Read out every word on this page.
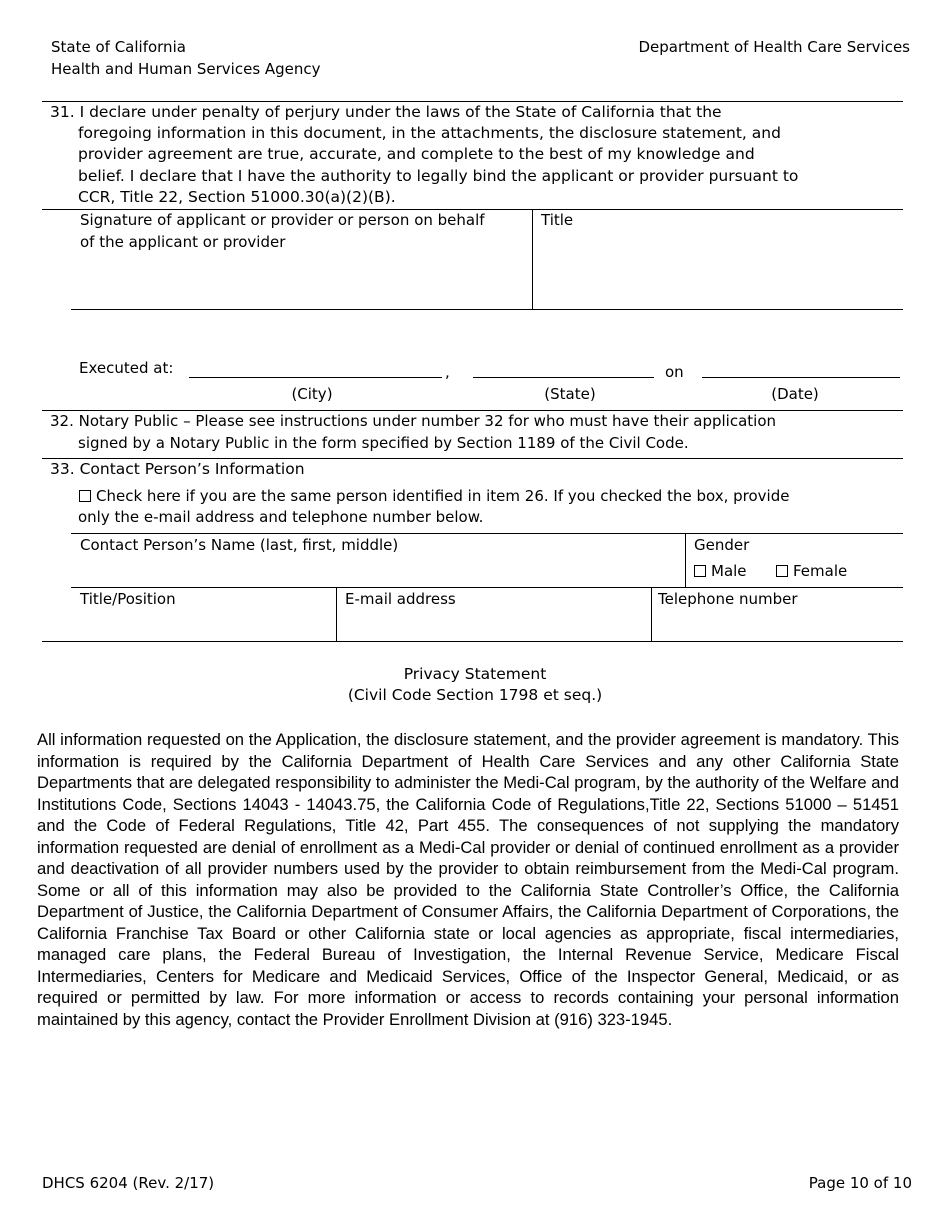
State of California
Health and Human Services Agency
Department of Health Care Services
31. I declare under penalty of perjury under the laws of the State of California that the
foregoing information in this document, in the attachments, the disclosure statement, and
provider agreement are true, accurate, and complete to the best of my knowledge and
belief. I declare that I have the authority to legally bind the applicant or provider pursuant to
CCR, Title 22, Section 51000.30(a)(2)(B).
Signature of applicant or provider or person on behalf
of the applicant or provider
Title
Executed at:	,	on
(City)	(State)	(Date)
32. Notary Public – Please see instructions under number 32 for who must have their application
signed by a Notary Public in the form specified by Section 1189 of the Civil Code.
33. Contact Person’s Information
Check here if you are the same person identified in item 26. If you checked the box, provide
only the e-mail address and telephone number below.
Contact Person’s Name (last, first, middle)	Gender
Male	Female
Title/Position	E-mail address	Telephone number
Privacy Statement
(Civil Code Section 1798 et seq.)
All information requested on the Application, the disclosure statement, and the provider agreement is mandatory. This information is required by the California Department of Health Care Services and any other California State Departments that are delegated responsibility to administer the Medi-Cal program, by the authority of the Welfare and Institutions Code, Sections 14043 - 14043.75, the California Code of Regulations,Title 22, Sections 51000 – 51451 and the Code of Federal Regulations, Title 42, Part 455. The consequences of not supplying the mandatory information requested are denial of enrollment as a Medi-Cal provider or denial of continued enrollment as a provider and deactivation of all provider numbers used by the provider to obtain reimbursement from the Medi-Cal program. Some or all of this information may also be provided to the California State Controller’s Office, the California Department of Justice, the California Department of Consumer Affairs, the California Department of Corporations, the California Franchise Tax Board or other California state or local agencies as appropriate, fiscal intermediaries, managed care plans, the Federal Bureau of Investigation, the Internal Revenue Service, Medicare Fiscal Intermediaries, Centers for Medicare and Medicaid Services, Office of the Inspector General, Medicaid, or as required or permitted by law. For more information or access to records containing your personal information maintained by this agency, contact the Provider Enrollment Division at (916) 323-1945.
DHCS 6204 (Rev. 2/17)	Page 10 of 10
